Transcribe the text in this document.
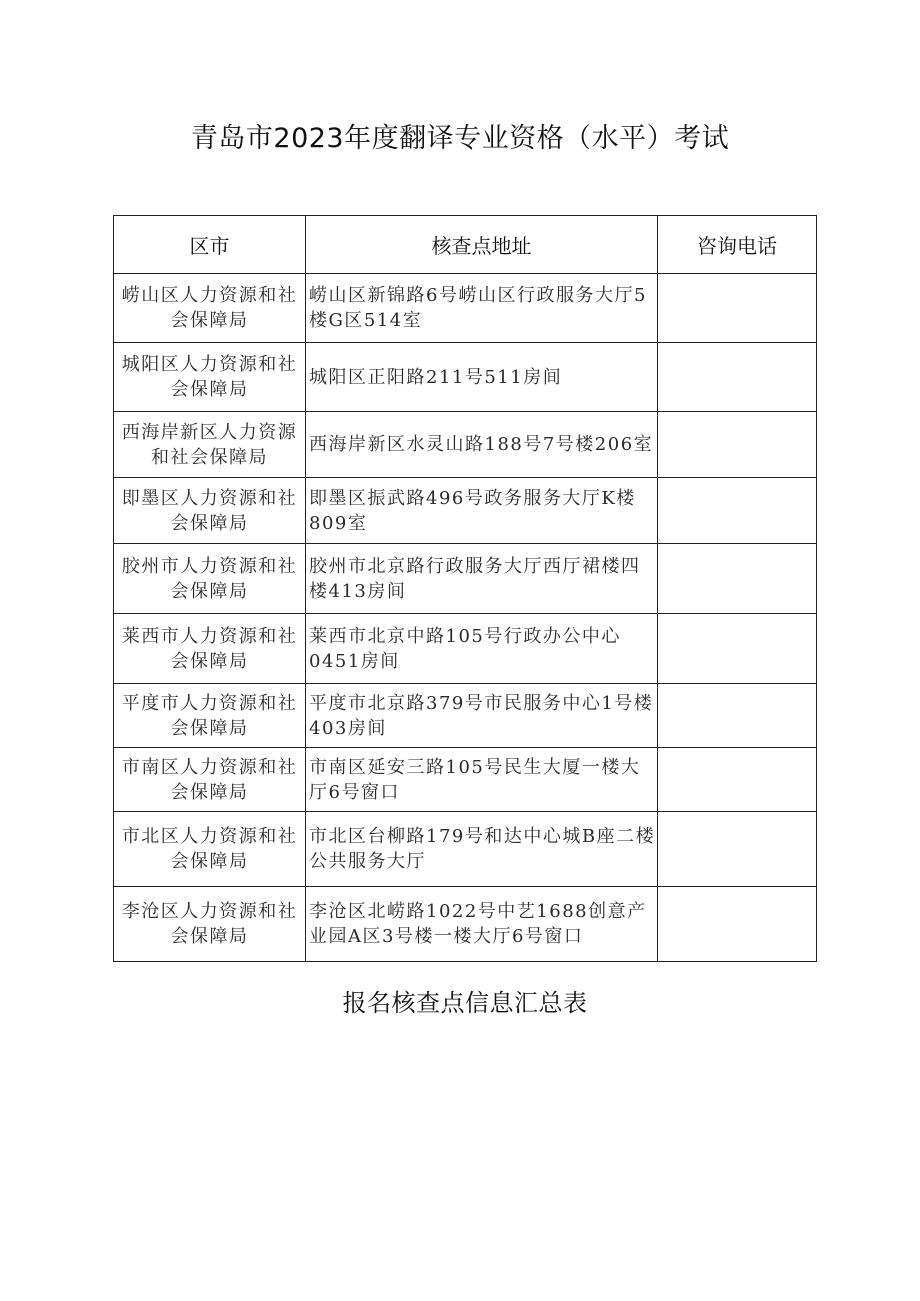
青岛市2023年度翻译专业资格（水平）考试
区市	核查点地址	咨询电话
崂山区人力资源和社会保障局	崂山区新锦路6号崂山区行政服务大厅5楼G区514室	
城阳区人力资源和社会保障局	城阳区正阳路211号511房间	
西海岸新区人力资源和社会保障局	西海岸新区水灵山路188号7号楼206室	
即墨区人力资源和社会保障局	即墨区振武路496号政务服务大厅K楼809室	
胶州市人力资源和社会保障局	胶州市北京路行政服务大厅西厅裙楼四楼413房间	
莱西市人力资源和社会保障局	莱西市北京中路105号行政办公中心0451房间	
平度市人力资源和社会保障局	平度市北京路379号市民服务中心1号楼403房间	
市南区人力资源和社会保障局	市南区延安三路105号民生大厦一楼大厅6号窗口	
市北区人力资源和社会保障局	市北区台柳路179号和达中心城B座二楼公共服务大厅	
李沧区人力资源和社会保障局	李沧区北崂路1022号中艺1688创意产业园A区3号楼一楼大厅6号窗口	
报名核查点信息汇总表
